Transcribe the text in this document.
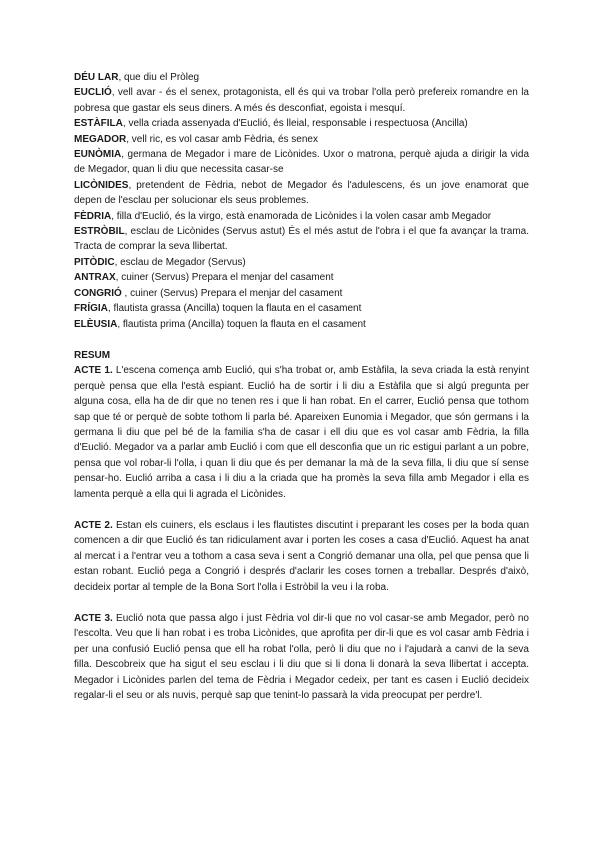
DÉU LAR, que diu el Pròleg

EUCLIÓ, vell avar - és el senex, protagonista, ell és qui va trobar l'olla però prefereix romandre en la pobresa que gastar els seus diners. A més és desconfiat, egoista i mesquí.

ESTÀFILA, vella criada assenyada d'Euclió, és lleial, responsable i respectuosa (Ancilla)

MEGADOR, vell ric, es vol casar amb Fèdria, és senex

EUNÒMIA, germana de Megador i mare de Licònides. Uxor o matrona, perquè ajuda a dirigir la vida de Megador, quan li diu que necessita casar-se

LICÒNIDES, pretendent de Fèdria, nebot de Megador és l'adulescens, és un jove enamorat que depen de l'esclau per solucionar els seus problemes.

FÈDRIA, filla d'Euclió, és la virgo, està enamorada de Licònides i la volen casar amb Megador

ESTRÒBIL, esclau de Licònides (Servus astut) És el més astut de l'obra i el que fa avançar la trama. Tracta de comprar la seva llibertat.

PITÒDIC, esclau de Megador (Servus)

ANTRAX, cuiner (Servus) Prepara el menjar del casament

CONGRIÓ , cuiner (Servus) Prepara el menjar del casament

FRÍGIA, flautista grassa (Ancilla) toquen la flauta en el casament

ELÈUSIA, flautista prima (Ancilla) toquen la flauta en el casament

RESUM

ACTE 1. L'escena comença amb Euclió, qui s'ha trobat or, amb Estàfila, la seva criada la està renyint perquè pensa que ella l'està espiant. Euclió ha de sortir i li diu a Estàfila que si algú pregunta per alguna cosa, ella ha de dir que no tenen res i que li han robat. En el carrer, Euclió pensa que tothom sap que té or perquè de sobte tothom li parla bé. Apareixen Eunomia i Megador, que són germans i la germana li diu que pel bé de la familia s'ha de casar i ell diu que es vol casar amb Fèdria, la filla d'Euclió. Megador va a parlar amb Euclió i com que ell desconfia que un ric estigui parlant a un pobre, pensa que vol robar-li l'olla, i quan li diu que és per demanar la mà de la seva filla, li diu que sí sense pensar-ho. Euclió arriba a casa i li diu a la criada que ha promès la seva filla amb Megador i ella es lamenta perquè a ella qui li agrada el Licònides.

ACTE 2. Estan els cuiners, els esclaus i les flautistes discutint i preparant les coses per la boda quan comencen a dir que Euclió és tan ridiculament avar i porten les coses a casa d'Euclió. Aquest ha anat al mercat i a l'entrar veu a tothom a casa seva i sent a Congrió demanar una olla, pel que pensa que li estan robant. Euclió pega a Congrió i després d'aclarir les coses tornen a treballar. Després d'això, decideix portar al temple de la Bona Sort l'olla i Estròbil la veu i la roba.

ACTE 3. Euclió nota que passa algo i just Fèdria vol dir-li que no vol casar-se amb Megador, però no l'escolta. Veu que li han robat i es troba Licònides, que aprofita per dir-li que es vol casar amb Fèdria i per una confusió Euclió pensa que ell ha robat l'olla, però li diu que no i l'ajudarà a canvi de la seva filla. Descobreix que ha sigut el seu esclau i li diu que si li dona li donarà la seva llibertat i accepta. Megador i Licònides parlen del tema de Fèdria i Megador cedeix, per tant es casen i Euclió decideix regalar-li el seu or als nuvis, perquè sap que tenint-lo passarà la vida preocupat per perdre'l.
